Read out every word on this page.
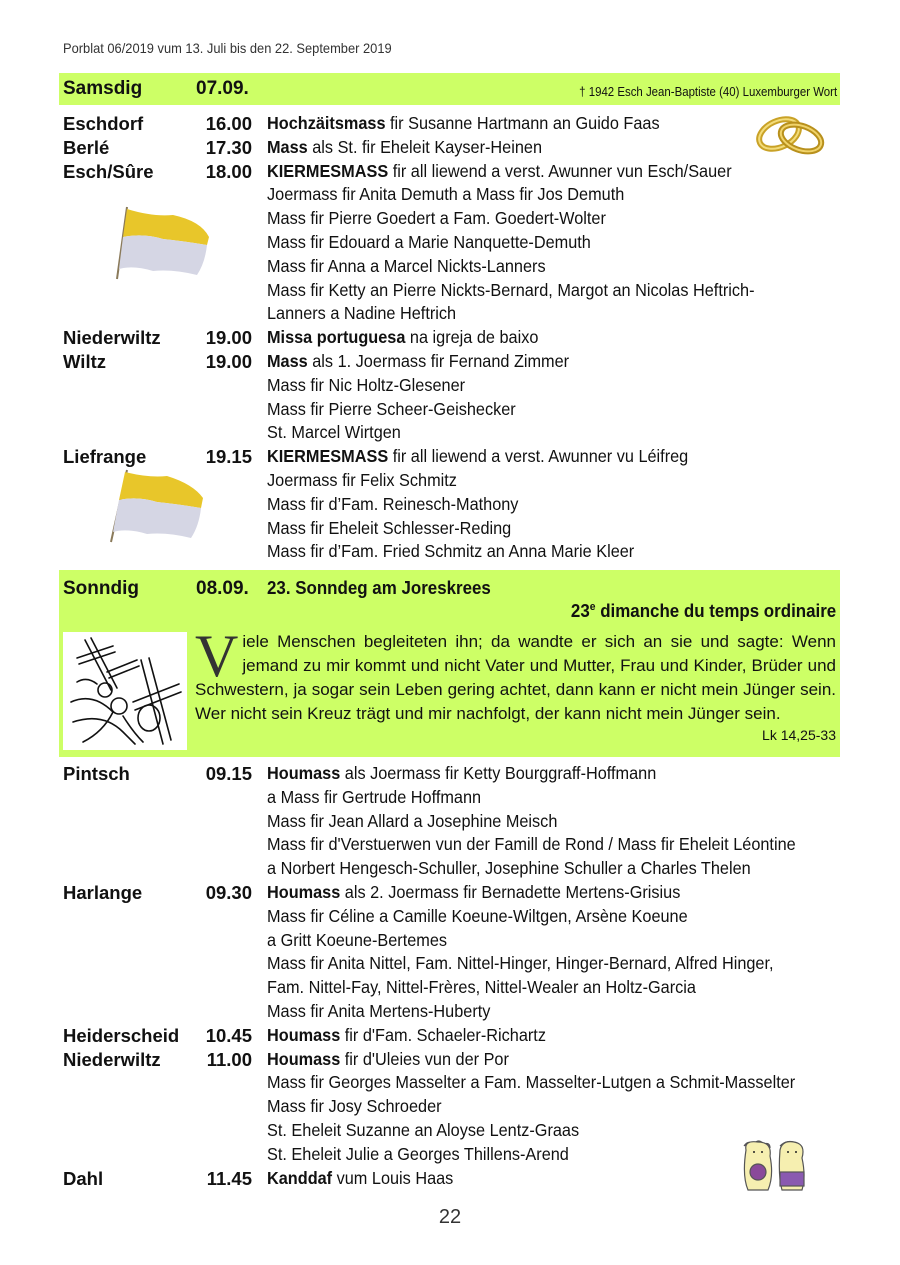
Porblat 06/2019 vum 13. Juli bis den 22. September 2019
Samsdig	07.09.	† 1942 Esch Jean-Baptiste (40) Luxemburger Wort
Eschdorf	16.00 Hochzäitsmass fir Susanne Hartmann an Guido Faas
Berlé	17.30 Mass als St. fir Eheleit Kayser-Heinen
Esch/Sûre	18.00 KIERMESMASS fir all liewend a verst. Awunner vun Esch/Sauer
Joermass fir Anita Demuth a Mass fir Jos Demuth
Mass fir Pierre Goedert a Fam. Goedert-Wolter
Mass fir Edouard a Marie Nanquette-Demuth
Mass fir Anna a Marcel Nickts-Lanners
Mass fir Ketty an Pierre Nickts-Bernard, Margot an Nicolas Heftrich-
Lanners a Nadine Heftrich
Niederwiltz	19.00 Missa portuguesa na igreja de baixo
Wiltz	19.00 Mass als 1. Joermass fir Fernand Zimmer
Mass fir Nic Holtz-Glesener
Mass fir Pierre Scheer-Geishecker
St. Marcel Wirtgen
Liefrange	19.15 KIERMESMASS fir all liewend a verst. Awunner vu Léifreg
Joermass fir Felix Schmitz
Mass fir d’Fam. Reinesch-Mathony
Mass fir Eheleit Schlesser-Reding
Mass fir d’Fam. Fried Schmitz an Anna Marie Kleer
Sonndig	08.09. 23. Sonndeg am Joreskrees
23e dimanche du temps ordinaire
Viele Menschen begleiteten ihn; da wandte er sich an sie und sagte: Wenn jemand zu mir kommt und nicht Vater und Mutter, Frau und Kinder, Brüder und Schwestern, ja sogar sein Leben gering achtet, dann kann er nicht mein Jünger sein. Wer nicht sein Kreuz trägt und mir nachfolgt, der kann nicht mein Jünger sein.
Lk 14,25-33
Pintsch	09.15 Houmass als Joermass fir Ketty Bourggraff-Hoffmann
a Mass fir Gertrude Hoffmann
Mass fir Jean Allard a Josephine Meisch
Mass fir d'Verstuerwen vun der Famill de Rond / Mass fir Eheleit Léontine
a Norbert Hengesch-Schuller, Josephine Schuller a Charles Thelen
Harlange	09.30 Houmass als 2. Joermass fir Bernadette Mertens-Grisius
Mass fir Céline a Camille Koeune-Wiltgen, Arsène Koeune
a Gritt Koeune-Bertemes
Mass fir Anita Nittel, Fam. Nittel-Hinger, Hinger-Bernard, Alfred Hinger,
Fam. Nittel-Fay, Nittel-Frères, Nittel-Wealer an Holtz-Garcia
Mass fir Anita Mertens-Huberty
Heiderscheid	10.45 Houmass fir d'Fam. Schaeler-Richartz
Niederwiltz	11.00 Houmass fir d'Uleies vun der Por
Mass fir Georges Masselter a Fam. Masselter-Lutgen a Schmit-Masselter
Mass fir Josy Schroeder
St. Eheleit Suzanne an Aloyse Lentz-Graas
St. Eheleit Julie a Georges Thillens-Arend
Dahl	11.45 Kanddaf vum Louis Haas
22
